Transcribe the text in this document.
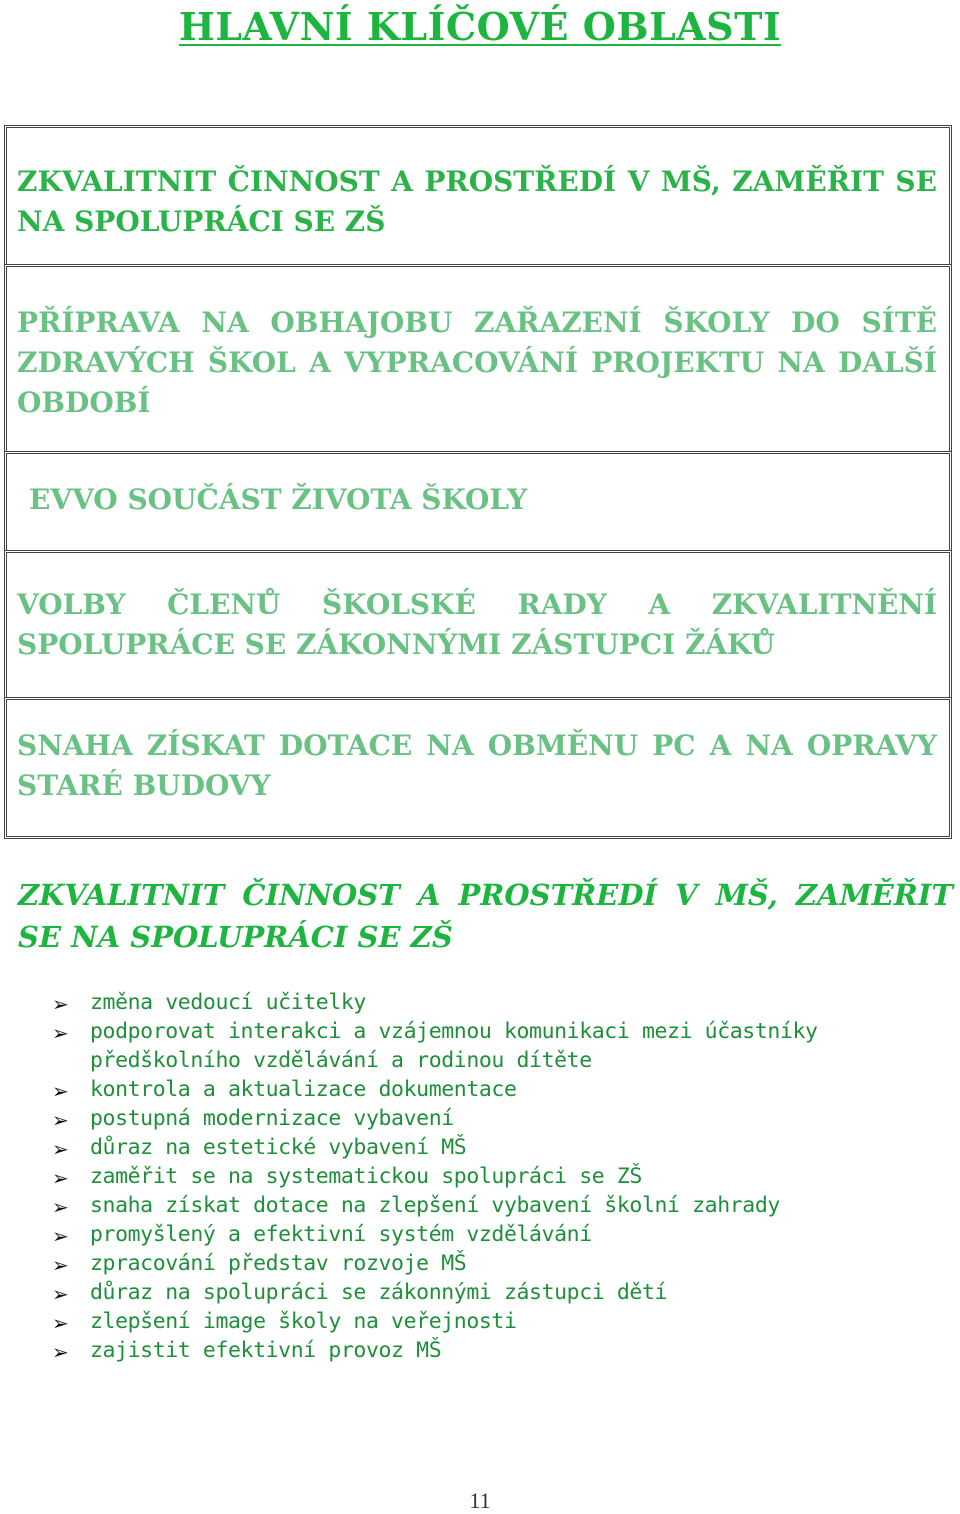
HLAVNÍ KLÍČOVÉ OBLASTI
ZKVALITNIT ČINNOST A PROSTŘEDÍ V MŠ, ZAMĚŘIT SE NA SPOLUPRÁCI SE ZŠ
PŘÍPRAVA NA OBHAJOBU ZAŘAZENÍ ŠKOLY DO SÍTĚ ZDRAVÝCH ŠKOL A VYPRACOVÁNÍ PROJEKTU NA DALŠÍ OBDOBÍ
EVVO SOUČÁST ŽIVOTA ŠKOLY
VOLBY ČLENŮ ŠKOLSKÉ RADY A ZKVALITNĚNÍ SPOLUPRÁCE SE ZÁKONNÝMI ZÁSTUPCI ŽÁKŮ
SNAHA ZÍSKAT DOTACE NA OBMĚNU PC A NA OPRAVY STARÉ BUDOVY
ZKVALITNIT ČINNOST A PROSTŘEDÍ V MŠ, ZAMĚŘIT SE NA SPOLUPRÁCI SE ZŠ
➢ změna vedoucí učitelky
➢ podporovat interakci a vzájemnou komunikaci mezi účastníky předškolního vzdělávání a rodinou dítěte
➢ kontrola a aktualizace dokumentace
➢ postupná modernizace vybavení
➢ důraz na estetické vybavení MŠ
➢ zaměřit se na systematickou spolupráci se ZŠ
➢ snaha získat dotace na zlepšení vybavení školní zahrady
➢ promyšlený a efektivní systém vzdělávání
➢ zpracování představ rozvoje MŠ
➢ důraz na spolupráci se zákonnými zástupci dětí
➢ zlepšení image školy na veřejnosti
➢ zajistit efektivní provoz MŠ
11
